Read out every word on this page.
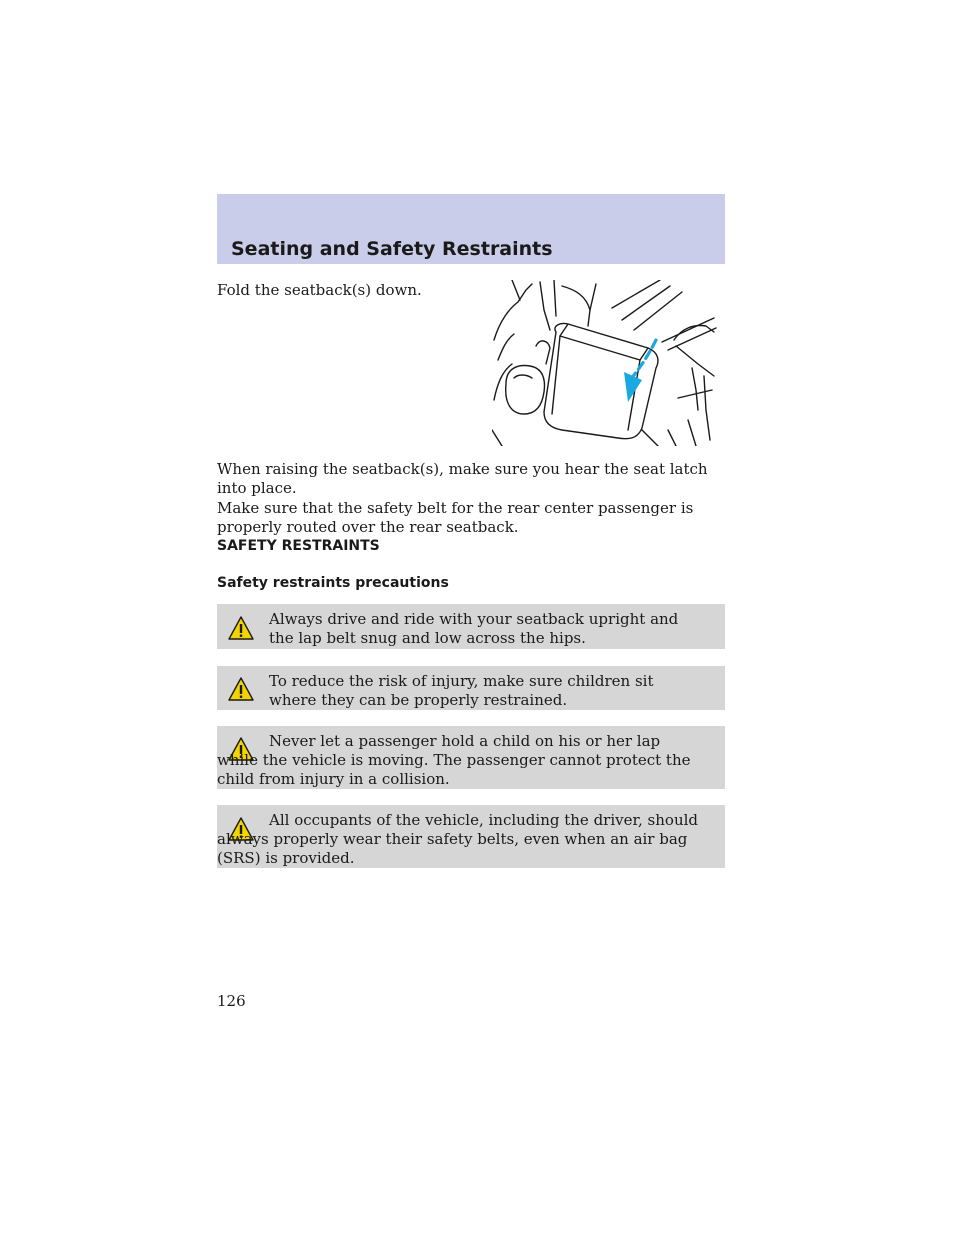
Seating and Safety Restraints

Fold the seatback(s) down.

When raising the seatback(s), make sure you hear the seat latch into place.

Make sure that the safety belt for the rear center passenger is properly routed over the rear seatback.

SAFETY RESTRAINTS
Safety restraints precautions

Always drive and ride with your seatback upright and the lap belt snug and low across the hips.

To reduce the risk of injury, make sure children sit where they can be properly restrained.

Never let a passenger hold a child on his or her lap while the vehicle is moving. The passenger cannot protect the child from injury in a collision.

All occupants of the vehicle, including the driver, should always properly wear their safety belts, even when an air bag (SRS) is provided.

126
